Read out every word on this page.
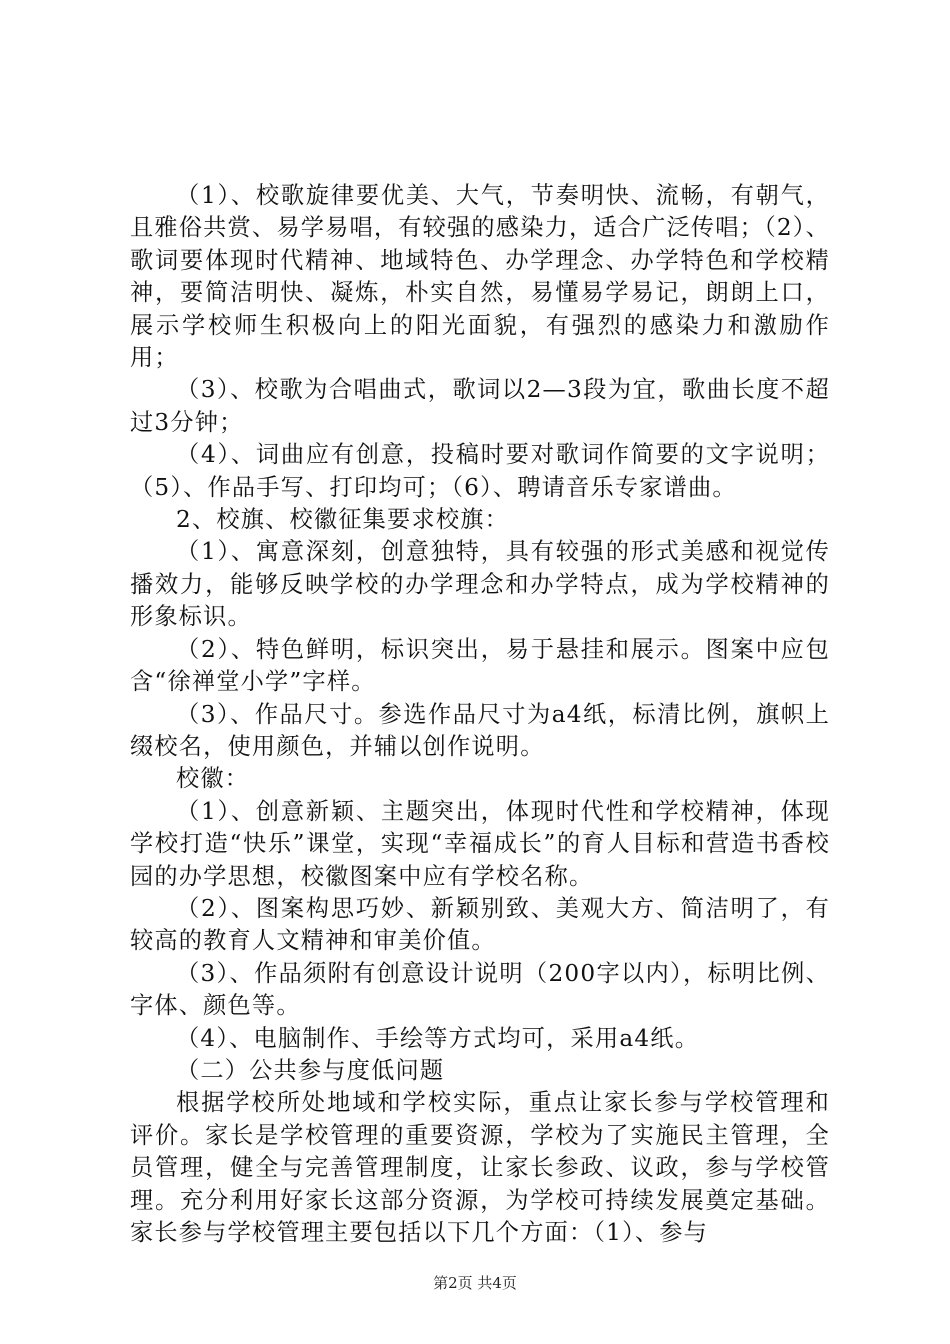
（1）、校歌旋律要优美、大气，节奏明快、流畅，有朝气，且雅俗共赏、易学易唱，有较强的感染力，适合广泛传唱；（2）、歌词要体现时代精神、地域特色、办学理念、办学特色和学校精神，要简洁明快、凝炼，朴实自然，易懂易学易记，朗朗上口，展示学校师生积极向上的阳光面貌，有强烈的感染力和激励作用；

（3）、校歌为合唱曲式，歌词以2—3段为宜，歌曲长度不超过3分钟；

（4）、词曲应有创意，投稿时要对歌词作简要的文字说明；（5）、作品手写、打印均可；（6）、聘请音乐专家谱曲。

2、校旗、校徽征集要求校旗：

（1）、寓意深刻，创意独特，具有较强的形式美感和视觉传播效力，能够反映学校的办学理念和办学特点，成为学校精神的形象标识。

（2）、特色鲜明，标识突出，易于悬挂和展示。图案中应包含“徐禅堂小学”字样。

（3）、作品尺寸。参选作品尺寸为a4纸，标清比例，旗帜上缀校名，使用颜色，并辅以创作说明。

校徽：

（1）、创意新颖、主题突出，体现时代性和学校精神，体现学校打造“快乐”课堂，实现“幸福成长”的育人目标和营造书香校园的办学思想，校徽图案中应有学校名称。

（2）、图案构思巧妙、新颖别致、美观大方、简洁明了，有较高的教育人文精神和审美价值。

（3）、作品须附有创意设计说明（200字以内），标明比例、字体、颜色等。

（4）、电脑制作、手绘等方式均可，采用a4纸。

（二）公共参与度低问题

根据学校所处地域和学校实际，重点让家长参与学校管理和评价。家长是学校管理的重要资源，学校为了实施民主管理，全员管理，健全与完善管理制度，让家长参政、议政，参与学校管理。充分利用好家长这部分资源，为学校可持续发展奠定基础。家长参与学校管理主要包括以下几个方面：（1）、参与

第2页 共4页
